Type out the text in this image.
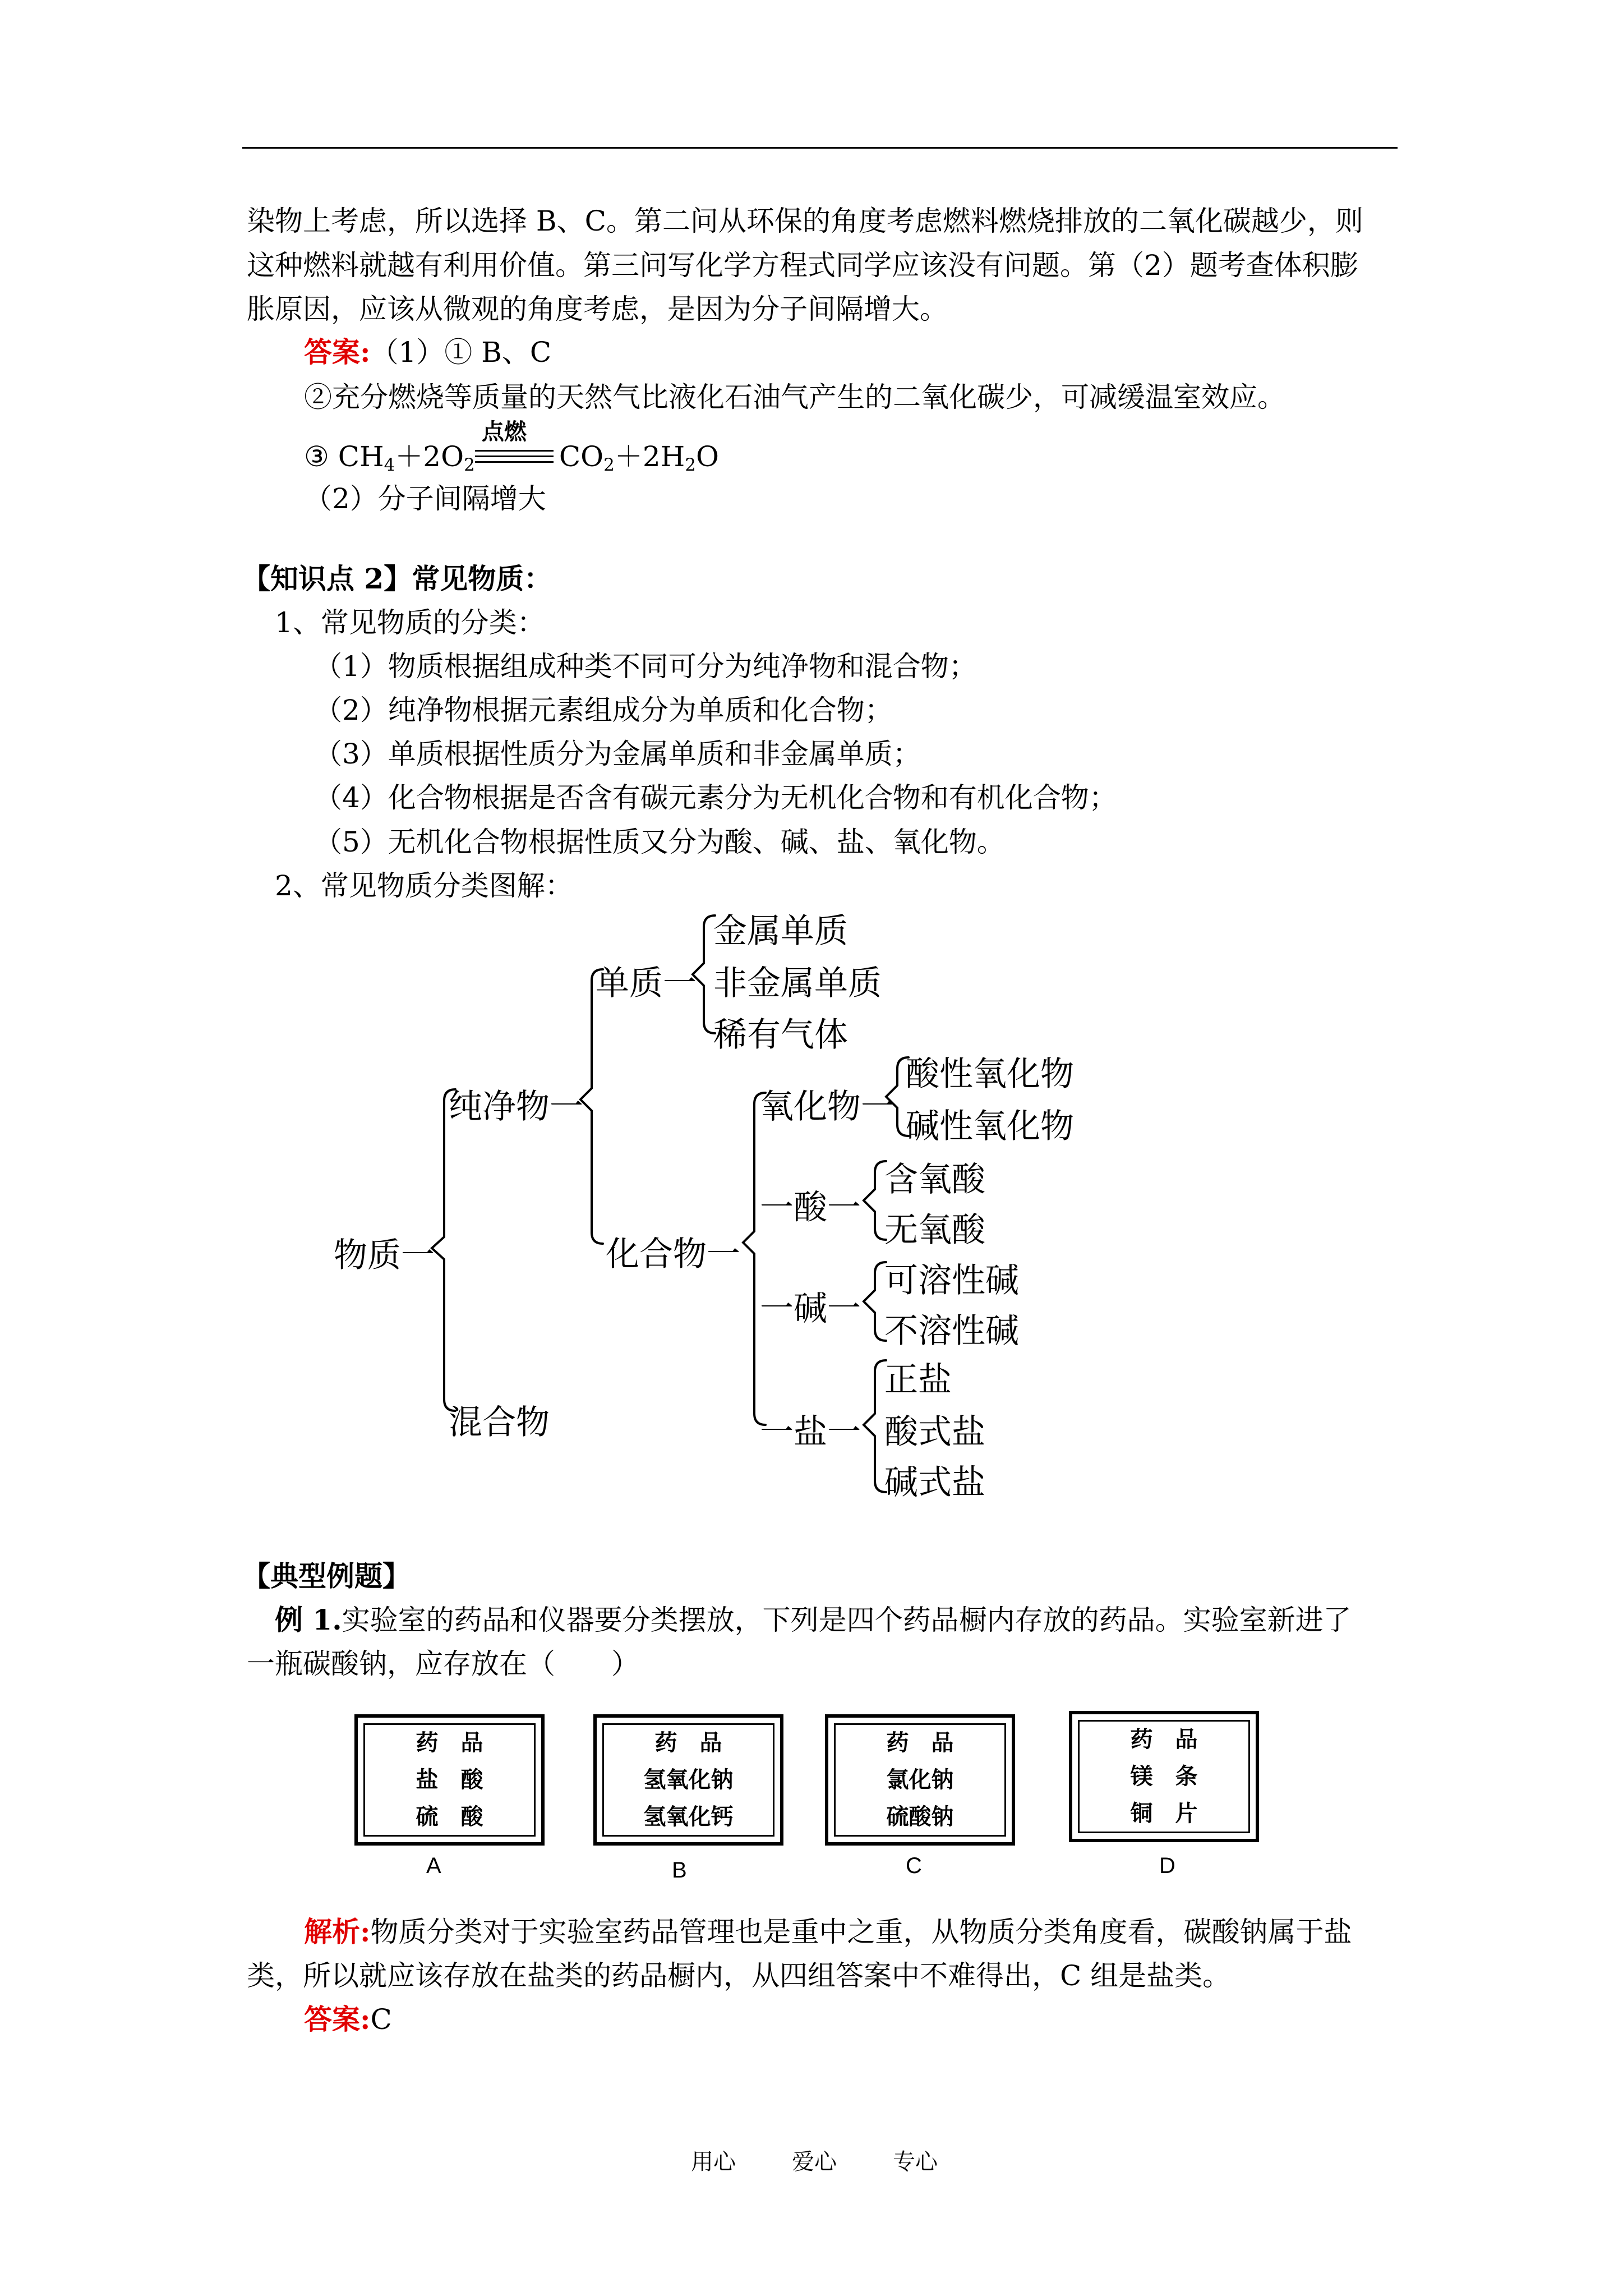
染物上考虑，所以选择 B、C。第二问从环保的角度考虑燃料燃烧排放的二氧化碳越少，则
这种燃料就越有利用价值。第三问写化学方程式同学应该没有问题。第（2）题考查体积膨
胀原因，应该从微观的角度考虑，是因为分子间隔增大。
答案:（1）① B、C
②充分燃烧等质量的天然气比液化石油气产生的二氧化碳少，可减缓温室效应。
③ $CH_4+2O_2$
点燃
$CO_2+2H_2O$
（2）分子间隔增大
【知识点 2】常见物质：
1、常见物质的分类：
（1）物质根据组成种类不同可分为纯净物和混合物；
（2）纯净物根据元素组成分为单质和化合物；
（3）单质根据性质分为金属单质和非金属单质；
（4）化合物根据是否含有碳元素分为无机化合物和有机化合物；
（5）无机化合物根据性质又分为酸、碱、盐、氧化物。
2、常见物质分类图解：
物质一
纯净物一
混合物
单质一
金属单质
非金属单质
稀有气体
化合物一
氧化物一
酸性氧化物
碱性氧化物
一酸一
含氧酸
无氧酸
一碱一
可溶性碱
不溶性碱
一盐一
正盐
酸式盐
碱式盐
【典型例题】
例 1.实验室的药品和仪器要分类摆放，下列是四个药品橱内存放的药品。实验室新进了
一瓶碳酸钠，应存放在（　　）
药　品
盐　酸
硫　酸
A
药　品
氢氧化钠
氢氧化钙
B
药　品
氯化钠
硫酸钠
C
药　品
镁　条
铜　片
D
解析:物质分类对于实验室药品管理也是重中之重，从物质分类角度看，碳酸钠属于盐
类，所以就应该存放在盐类的药品橱内，从四组答案中不难得出，C 组是盐类。
答案:C
用心	爱心	专心
